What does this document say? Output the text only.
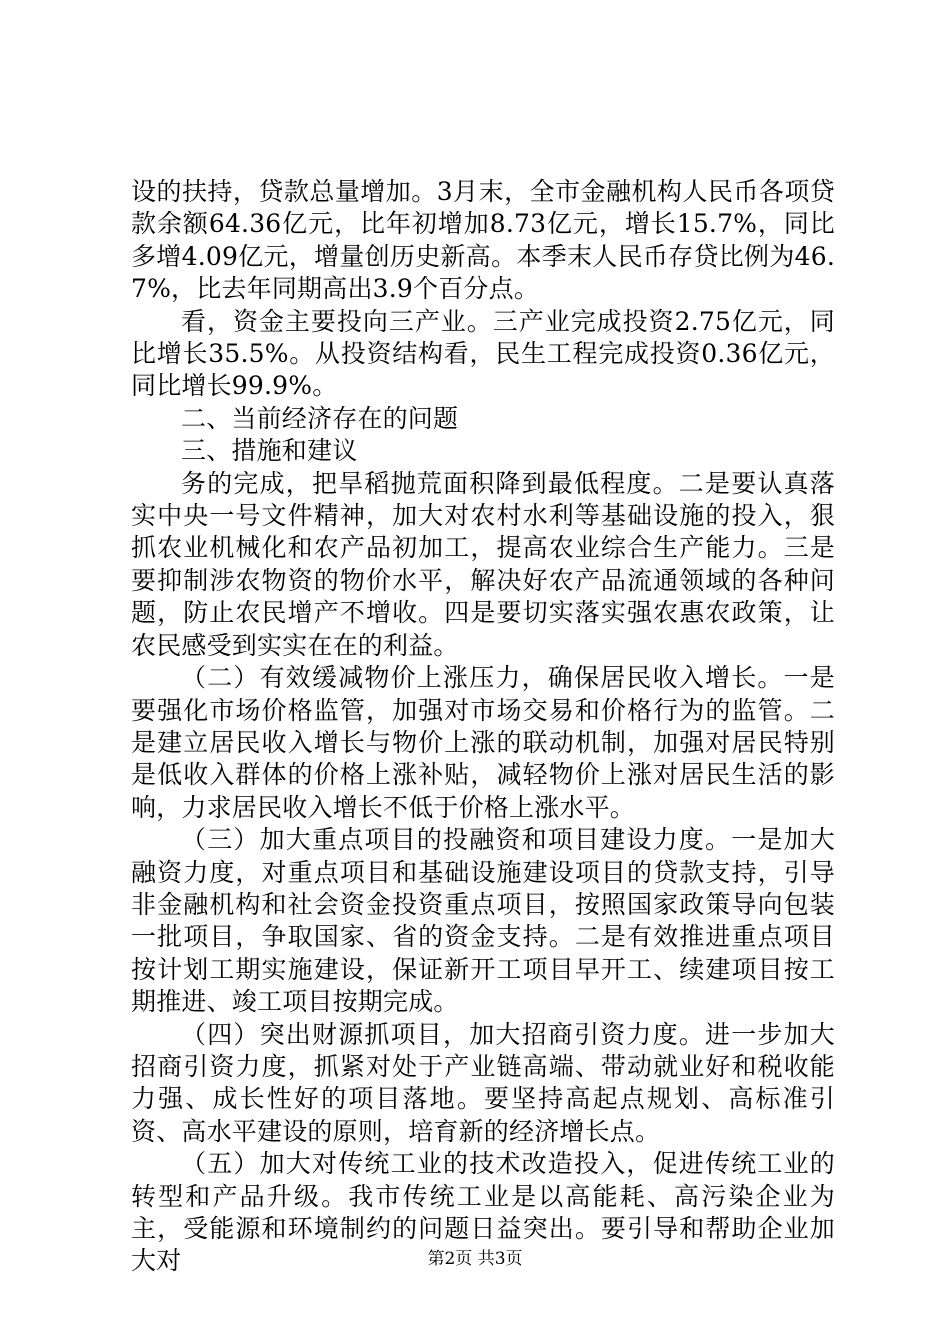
设的扶持，贷款总量增加。3月末，全市金融机构人民币各项贷款余额64.36亿元，比年初增加8.73亿元，增长15.7%，同比多增4.09亿元，增量创历史新高。本季末人民币存贷比例为46.7%，比去年同期高出3.9个百分点。

看，资金主要投向三产业。三产业完成投资2.75亿元，同比增长35.5%。从投资结构看，民生工程完成投资0.36亿元，同比增长99.9%。

二、当前经济存在的问题

三、措施和建议

务的完成，把旱稻抛荒面积降到最低程度。二是要认真落实中央一号文件精神，加大对农村水利等基础设施的投入，狠抓农业机械化和农产品初加工，提高农业综合生产能力。三是要抑制涉农物资的物价水平，解决好农产品流通领域的各种问题，防止农民增产不增收。四是要切实落实强农惠农政策，让农民感受到实实在在的利益。

（二）有效缓减物价上涨压力，确保居民收入增长。一是要强化市场价格监管，加强对市场交易和价格行为的监管。二是建立居民收入增长与物价上涨的联动机制，加强对居民特别是低收入群体的价格上涨补贴，减轻物价上涨对居民生活的影响，力求居民收入增长不低于价格上涨水平。

（三）加大重点项目的投融资和项目建设力度。一是加大融资力度，对重点项目和基础设施建设项目的贷款支持，引导非金融机构和社会资金投资重点项目，按照国家政策导向包装一批项目，争取国家、省的资金支持。二是有效推进重点项目按计划工期实施建设，保证新开工项目早开工、续建项目按工期推进、竣工项目按期完成。

（四）突出财源抓项目，加大招商引资力度。进一步加大招商引资力度，抓紧对处于产业链高端、带动就业好和税收能力强、成长性好的项目落地。要坚持高起点规划、高标准引资、高水平建设的原则，培育新的经济增长点。

（五）加大对传统工业的技术改造投入，促进传统工业的转型和产品升级。我市传统工业是以高能耗、高污染企业为主，受能源和环境制约的问题日益突出。要引导和帮助企业加大对	第2页 共3页
